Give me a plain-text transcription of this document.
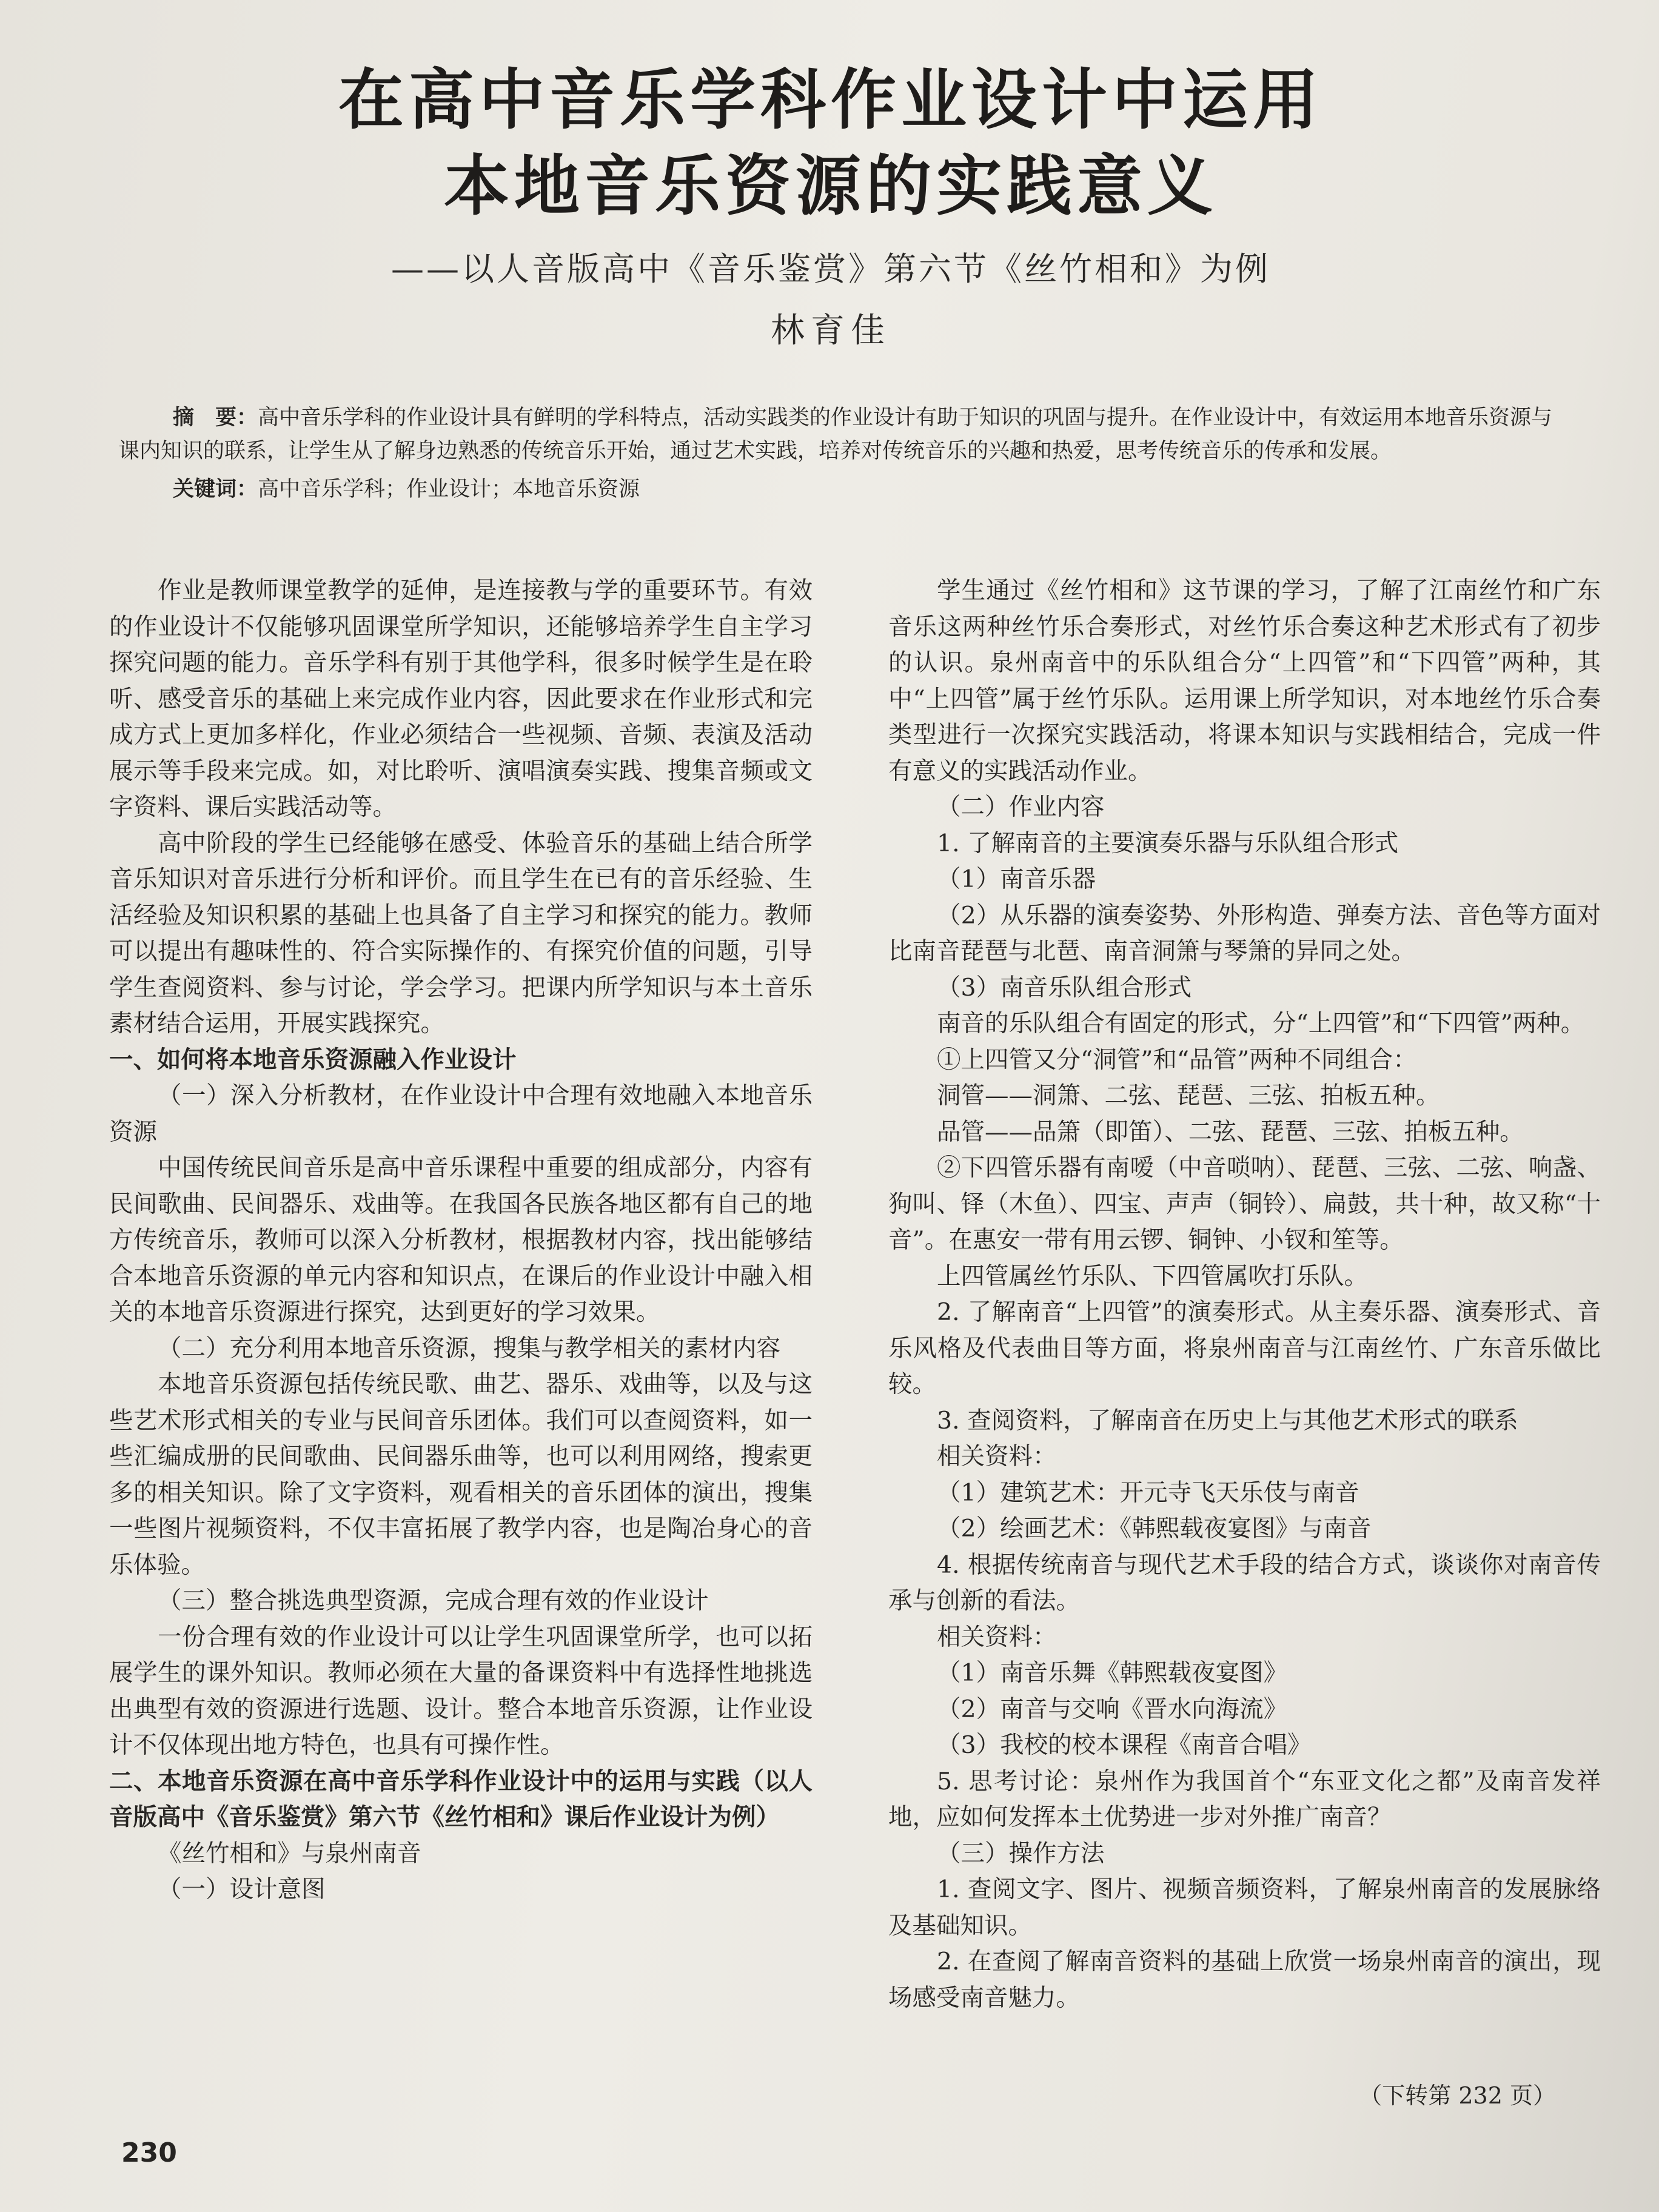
在高中音乐学科作业设计中运用
本地音乐资源的实践意义
——以人音版高中《音乐鉴赏》第六节《丝竹相和》为例
林育佳

摘　要：高中音乐学科的作业设计具有鲜明的学科特点，活动实践类的作业设计有助于知识的巩固与提升。在作业设计中，有效运用本地音乐资源与课内知识的联系，让学生从了解身边熟悉的传统音乐开始，通过艺术实践，培养对传统音乐的兴趣和热爱，思考传统音乐的传承和发展。

关键词：高中音乐学科；作业设计；本地音乐资源

作业是教师课堂教学的延伸，是连接教与学的重要环节。有效的作业设计不仅能够巩固课堂所学知识，还能够培养学生自主学习探究问题的能力。音乐学科有别于其他学科，很多时候学生是在聆听、感受音乐的基础上来完成作业内容，因此要求在作业形式和完成方式上更加多样化，作业必须结合一些视频、音频、表演及活动展示等手段来完成。如，对比聆听、演唱演奏实践、搜集音频或文字资料、课后实践活动等。

高中阶段的学生已经能够在感受、体验音乐的基础上结合所学音乐知识对音乐进行分析和评价。而且学生在已有的音乐经验、生活经验及知识积累的基础上也具备了自主学习和探究的能力。教师可以提出有趣味性的、符合实际操作的、有探究价值的问题，引导学生查阅资料、参与讨论，学会学习。把课内所学知识与本土音乐素材结合运用，开展实践探究。

一、如何将本地音乐资源融入作业设计

（一）深入分析教材，在作业设计中合理有效地融入本地音乐资源

中国传统民间音乐是高中音乐课程中重要的组成部分，内容有民间歌曲、民间器乐、戏曲等。在我国各民族各地区都有自己的地方传统音乐，教师可以深入分析教材，根据教材内容，找出能够结合本地音乐资源的单元内容和知识点，在课后的作业设计中融入相关的本地音乐资源进行探究，达到更好的学习效果。

（二）充分利用本地音乐资源，搜集与教学相关的素材内容

本地音乐资源包括传统民歌、曲艺、器乐、戏曲等，以及与这些艺术形式相关的专业与民间音乐团体。我们可以查阅资料，如一些汇编成册的民间歌曲、民间器乐曲等，也可以利用网络，搜索更多的相关知识。除了文字资料，观看相关的音乐团体的演出，搜集一些图片视频资料，不仅丰富拓展了教学内容，也是陶冶身心的音乐体验。

（三）整合挑选典型资源，完成合理有效的作业设计

一份合理有效的作业设计可以让学生巩固课堂所学，也可以拓展学生的课外知识。教师必须在大量的备课资料中有选择性地挑选出典型有效的资源进行选题、设计。整合本地音乐资源，让作业设计不仅体现出地方特色，也具有可操作性。

二、本地音乐资源在高中音乐学科作业设计中的运用与实践（以人音版高中《音乐鉴赏》第六节《丝竹相和》课后作业设计为例）

《丝竹相和》与泉州南音

（一）设计意图

学生通过《丝竹相和》这节课的学习，了解了江南丝竹和广东音乐这两种丝竹乐合奏形式，对丝竹乐合奏这种艺术形式有了初步的认识。泉州南音中的乐队组合分“上四管”和“下四管”两种，其中“上四管”属于丝竹乐队。运用课上所学知识，对本地丝竹乐合奏类型进行一次探究实践活动，将课本知识与实践相结合，完成一件有意义的实践活动作业。

（二）作业内容

1. 了解南音的主要演奏乐器与乐队组合形式

（1）南音乐器

（2）从乐器的演奏姿势、外形构造、弹奏方法、音色等方面对比南音琵琶与北琶、南音洞箫与琴箫的异同之处。

（3）南音乐队组合形式

南音的乐队组合有固定的形式，分“上四管”和“下四管”两种。

①上四管又分“洞管”和“品管”两种不同组合：

洞管——洞箫、二弦、琵琶、三弦、拍板五种。

品管——品箫（即笛）、二弦、琵琶、三弦、拍板五种。

②下四管乐器有南嗳（中音唢呐）、琵琶、三弦、二弦、响盏、狗叫、铎（木鱼）、四宝、声声（铜铃）、扁鼓，共十种，故又称“十音”。在惠安一带有用云锣、铜钟、小钗和笙等。

上四管属丝竹乐队、下四管属吹打乐队。

2. 了解南音“上四管”的演奏形式。从主奏乐器、演奏形式、音乐风格及代表曲目等方面，将泉州南音与江南丝竹、广东音乐做比较。

3. 查阅资料，了解南音在历史上与其他艺术形式的联系

相关资料：

（1）建筑艺术：开元寺飞天乐伎与南音

（2）绘画艺术：《韩熙载夜宴图》与南音

4. 根据传统南音与现代艺术手段的结合方式，谈谈你对南音传承与创新的看法。

相关资料：

（1）南音乐舞《韩熙载夜宴图》

（2）南音与交响《晋水向海流》

（3）我校的校本课程《南音合唱》

5. 思考讨论：泉州作为我国首个“东亚文化之都”及南音发祥地，应如何发挥本土优势进一步对外推广南音？

（三）操作方法

1. 查阅文字、图片、视频音频资料，了解泉州南音的发展脉络及基础知识。

2. 在查阅了解南音资料的基础上欣赏一场泉州南音的演出，现场感受南音魅力。

（下转第 232 页）
230
